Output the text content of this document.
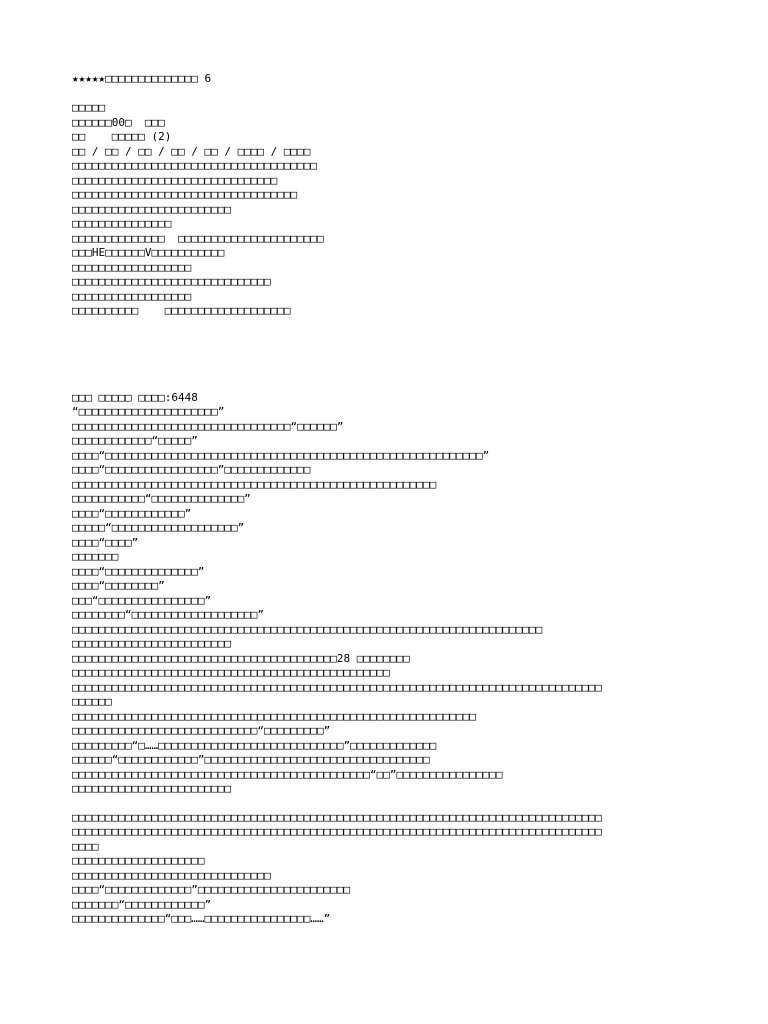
★★★★★□□□□□□□□□□□□□□ 6
□□□□□
□□□□□□00□  □□□
□□    □□□□□ (2)
□□ / □□ / □□ / □□ / □□ / □□□□ / □□□□
□□□□□□□□□□□□□□□□□□□□□□□□□□□□□□□□□□□□□
□□□□□□□□□□□□□□□□□□□□□□□□□□□□□□□
□□□□□□□□□□□□□□□□□□□□□□□□□□□□□□□□□□
□□□□□□□□□□□□□□□□□□□□□□□□
□□□□□□□□□□□□□□□
□□□□□□□□□□□□□□  □□□□□□□□□□□□□□□□□□□□□□
□□□HE□□□□□□V□□□□□□□□□□□
□□□□□□□□□□□□□□□□□□
□□□□□□□□□□□□□□□□□□□□□□□□□□□□□□
□□□□□□□□□□□□□□□□□□
□□□□□□□□□□    □□□□□□□□□□□□□□□□□□□
□□□ □□□□□ □□□□:6448
“□□□□□□□□□□□□□□□□□□□□□”
□□□□□□□□□□□□□□□□□□□□□□□□□□□□□□□□□“□□□□□□”
□□□□□□□□□□□□“□□□□□”
□□□□“□□□□□□□□□□□□□□□□□□□□□□□□□□□□□□□□□□□□□□□□□□□□□□□□□□□□□□□□□”
□□□□“□□□□□□□□□□□□□□□□□”□□□□□□□□□□□□□
□□□□□□□□□□□□□□□□□□□□□□□□□□□□□□□□□□□□□□□□□□□□□□□□□□□□□□□
□□□□□□□□□□□“□□□□□□□□□□□□□□”
□□□□“□□□□□□□□□□□□”
□□□□□“□□□□□□□□□□□□□□□□□□□”
□□□□“□□□□”
□□□□□□□
□□□□“□□□□□□□□□□□□□□”
□□□□“□□□□□□□□”
□□□“□□□□□□□□□□□□□□□□”
□□□□□□□□“□□□□□□□□□□□□□□□□□□□”
□□□□□□□□□□□□□□□□□□□□□□□□□□□□□□□□□□□□□□□□□□□□□□□□□□□□□□□□□□□□□□□□□□□□□□□
□□□□□□□□□□□□□□□□□□□□□□□□
□□□□□□□□□□□□□□□□□□□□□□□□□□□□□□□□□□□□□□□□28 □□□□□□□□
□□□□□□□□□□□□□□□□□□□□□□□□□□□□□□□□□□□□□□□□□□□□□□□□
□□□□□□□□□□□□□□□□□□□□□□□□□□□□□□□□□□□□□□□□□□□□□□□□□□□□□□□□□□□□□□□□□□□□□□□□□□□□□□□□
□□□□□□
□□□□□□□□□□□□□□□□□□□□□□□□□□□□□□□□□□□□□□□□□□□□□□□□□□□□□□□□□□□□□
□□□□□□□□□□□□□□□□□□□□□□□□□□□□“□□□□□□□□□”
□□□□□□□□□“□……□□□□□□□□□□□□□□□□□□□□□□□□□□□□”□□□□□□□□□□□□□
□□□□□□“□□□□□□□□□□□□”□□□□□□□□□□□□□□□□□□□□□□□□□□□□□□□□□□
□□□□□□□□□□□□□□□□□□□□□□□□□□□□□□□□□□□□□□□□□□□□□“□□”□□□□□□□□□□□□□□□□
□□□□□□□□□□□□□□□□□□□□□□□□
□□□□□□□□□□□□□□□□□□□□□□□□□□□□□□□□□□□□□□□□□□□□□□□□□□□□□□□□□□□□□□□□□□□□□□□□□□□□□□□□
□□□□□□□□□□□□□□□□□□□□□□□□□□□□□□□□□□□□□□□□□□□□□□□□□□□□□□□□□□□□□□□□□□□□□□□□□□□□□□□□
□□□□
□□□□□□□□□□□□□□□□□□□□
□□□□□□□□□□□□□□□□□□□□□□□□□□□□□□
□□□□“□□□□□□□□□□□□□”□□□□□□□□□□□□□□□□□□□□□□□
□□□□□□□“□□□□□□□□□□□□”
□□□□□□□□□□□□□□“□□□……□□□□□□□□□□□□□□□□……”
